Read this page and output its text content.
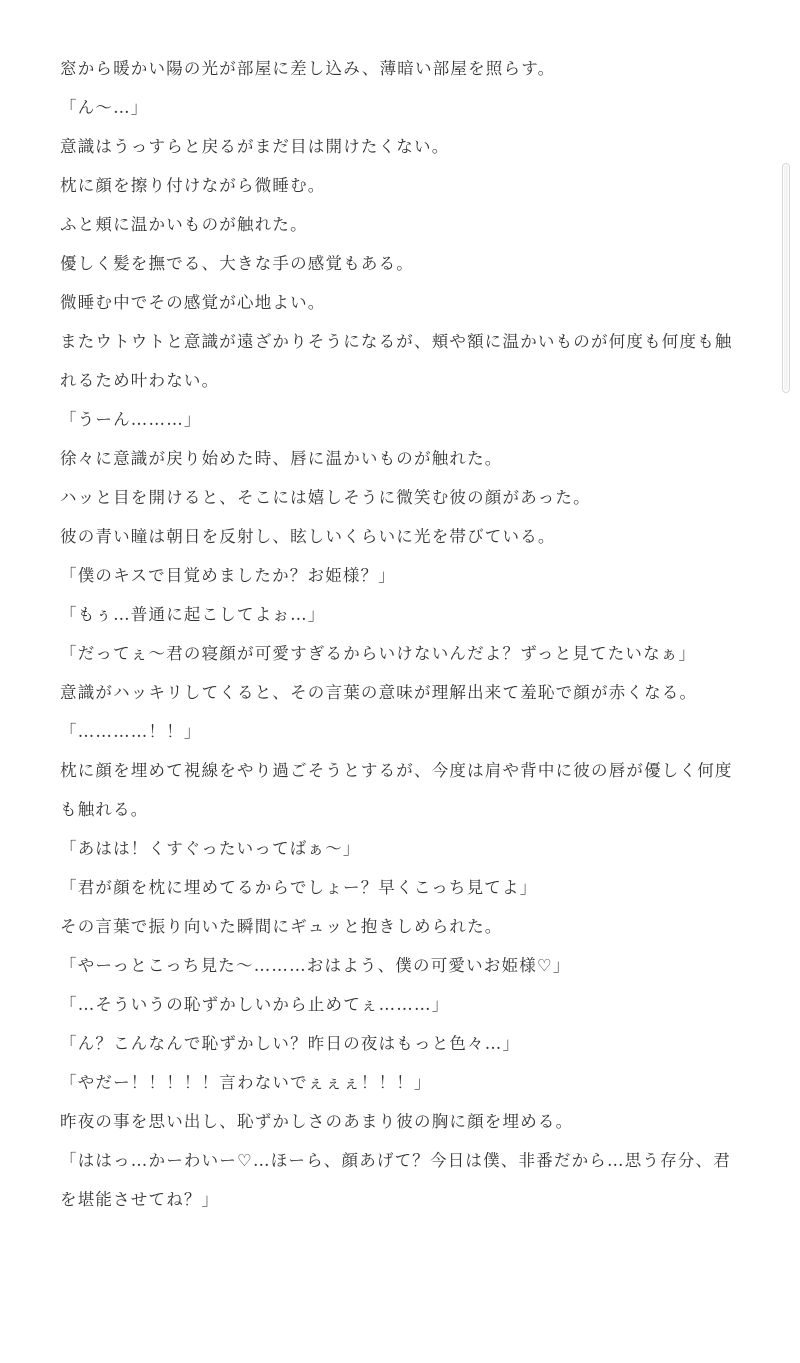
窓から暖かい陽の光が部屋に差し込み、薄暗い部屋を照らす。

「ん〜…」

意識はうっすらと戻るがまだ目は開けたくない。

枕に顔を擦り付けながら微睡む。

ふと頬に温かいものが触れた。

優しく髪を撫でる、大きな手の感覚もある。

微睡む中でその感覚が心地よい。

またウトウトと意識が遠ざかりそうになるが、頬や額に温かいものが何度も何度も触れるため叶わない。

「うーん………」

徐々に意識が戻り始めた時、唇に温かいものが触れた。

ハッと目を開けると、そこには嬉しそうに微笑む彼の顔があった。

彼の青い瞳は朝日を反射し、眩しいくらいに光を帯びている。

「僕のキスで目覚めましたか？お姫様？」

「もぅ…普通に起こしてよぉ…」

「だってぇ〜君の寝顔が可愛すぎるからいけないんだよ？ずっと見てたいなぁ」

意識がハッキリしてくると、その言葉の意味が理解出来て羞恥で顔が赤くなる。

「…………！！」

枕に顔を埋めて視線をやり過ごそうとするが、今度は肩や背中に彼の唇が優しく何度も触れる。

「あはは！くすぐったいってばぁ〜」

「君が顔を枕に埋めてるからでしょー？早くこっち見てよ」

その言葉で振り向いた瞬間にギュッと抱きしめられた。

「やーっとこっち見た〜………おはよう、僕の可愛いお姫様♡」

「…そういうの恥ずかしいから止めてぇ………」

「ん？こんなんで恥ずかしい？昨日の夜はもっと色々…」

「やだー！！！！！言わないでぇぇぇ！！！」

昨夜の事を思い出し、恥ずかしさのあまり彼の胸に顔を埋める。

「ははっ…かーわいー♡…ほーら、顔あげて？今日は僕、非番だから…思う存分、君を堪能させてね？」
